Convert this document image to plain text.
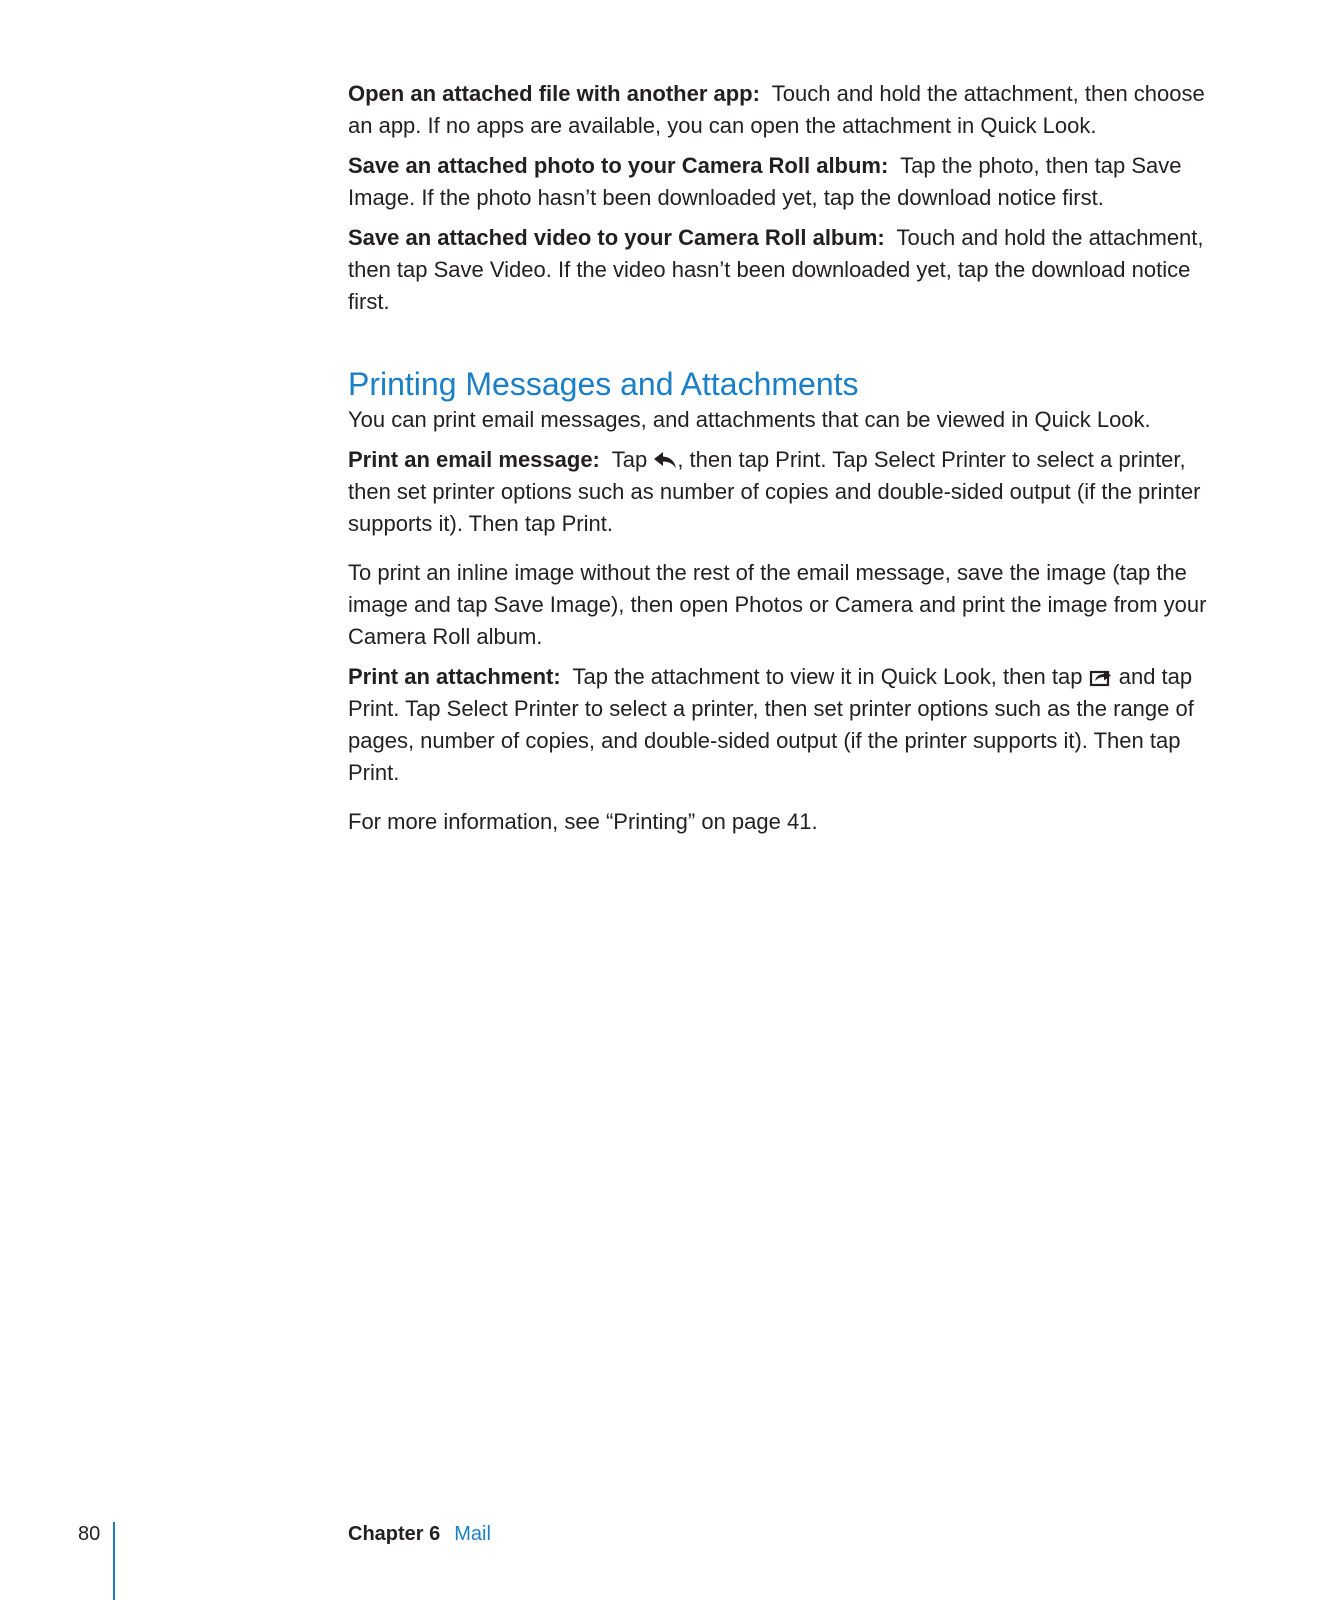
Open an attached file with another app: Touch and hold the attachment, then choose an app. If no apps are available, you can open the attachment in Quick Look.

Save an attached photo to your Camera Roll album: Tap the photo, then tap Save Image. If the photo hasn’t been downloaded yet, tap the download notice first.

Save an attached video to your Camera Roll album: Touch and hold the attachment, then tap Save Video. If the video hasn’t been downloaded yet, tap the download notice first.

Printing Messages and Attachments

You can print email messages, and attachments that can be viewed in Quick Look.

Print an email message: Tap , then tap Print. Tap Select Printer to select a printer, then set printer options such as number of copies and double-sided output (if the printer supports it). Then tap Print.

To print an inline image without the rest of the email message, save the image (tap the image and tap Save Image), then open Photos or Camera and print the image from your Camera Roll album.

Print an attachment: Tap the attachment to view it in Quick Look, then tap and tap Print. Tap Select Printer to select a printer, then set printer options such as the range of pages, number of copies, and double-sided output (if the printer supports it). Then tap Print.

For more information, see “Printing” on page 41.

80	Chapter 6 Mail
